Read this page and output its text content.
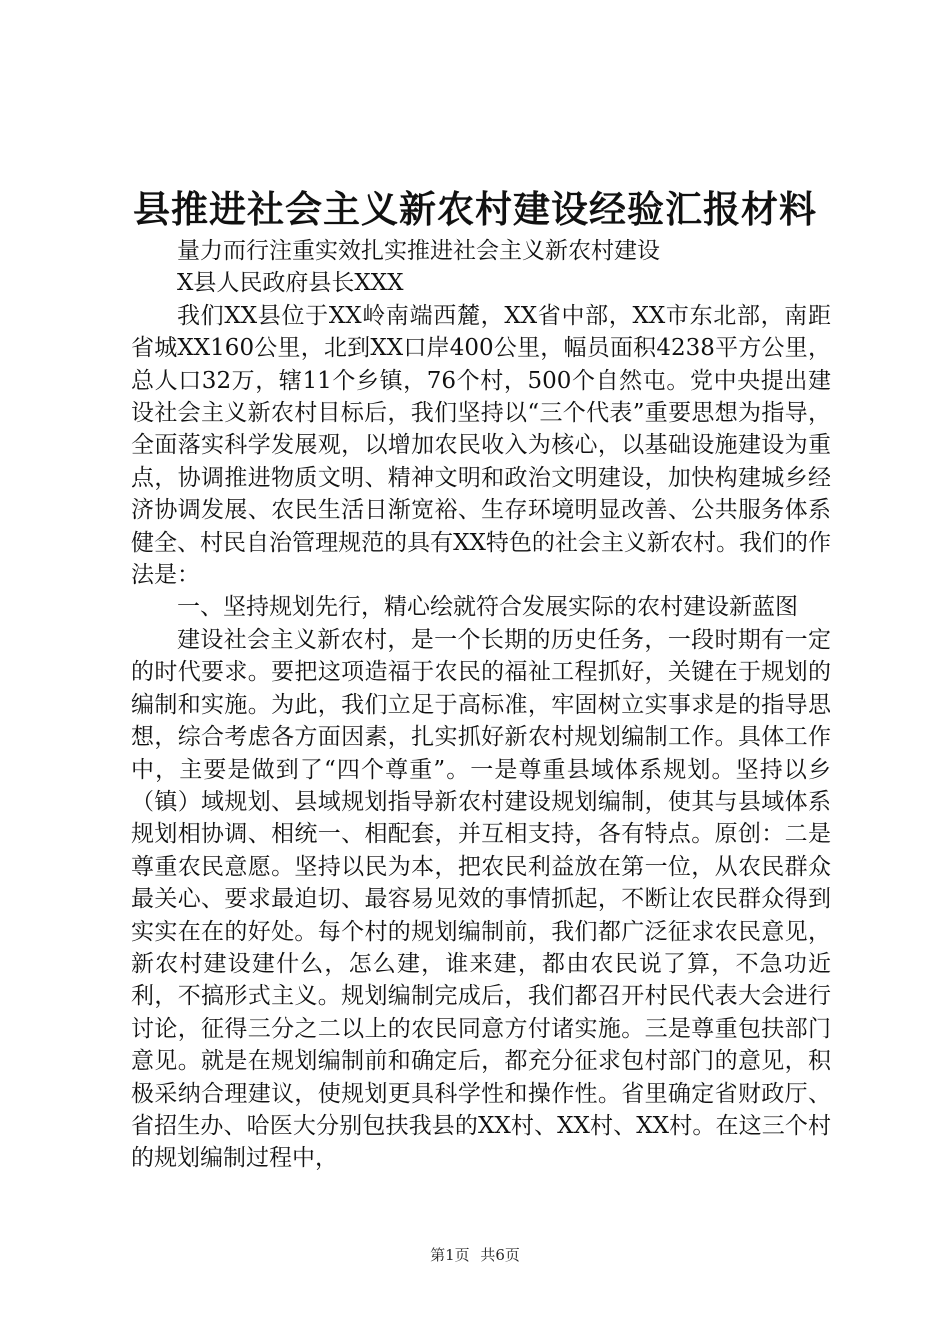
县推进社会主义新农村建设经验汇报材料

量力而行注重实效扎实推进社会主义新农村建设

X县人民政府县长XXX

我们XX县位于XX岭南端西麓，XX省中部，XX市东北部，南距省城XX160公里，北到XX口岸400公里，幅员面积4238平方公里，总人口32万，辖11个乡镇，76个村，500个自然屯。党中央提出建设社会主义新农村目标后，我们坚持以“三个代表”重要思想为指导，全面落实科学发展观，以增加农民收入为核心，以基础设施建设为重点，协调推进物质文明、精神文明和政治文明建设，加快构建城乡经济协调发展、农民生活日渐宽裕、生存环境明显改善、公共服务体系健全、村民自治管理规范的具有XX特色的社会主义新农村。我们的作法是：

一、坚持规划先行，精心绘就符合发展实际的农村建设新蓝图

建设社会主义新农村，是一个长期的历史任务，一段时期有一定的时代要求。要把这项造福于农民的福祉工程抓好，关键在于规划的编制和实施。为此，我们立足于高标准，牢固树立实事求是的指导思想，综合考虑各方面因素，扎实抓好新农村规划编制工作。具体工作中，主要是做到了“四个尊重”。一是尊重县域体系规划。坚持以乡（镇）域规划、县域规划指导新农村建设规划编制，使其与县域体系规划相协调、相统一、相配套，并互相支持，各有特点。原创：二是尊重农民意愿。坚持以民为本，把农民利益放在第一位，从农民群众最关心、要求最迫切、最容易见效的事情抓起，不断让农民群众得到实实在在的好处。每个村的规划编制前，我们都广泛征求农民意见，新农村建设建什么，怎么建，谁来建，都由农民说了算，不急功近利，不搞形式主义。规划编制完成后，我们都召开村民代表大会进行讨论，征得三分之二以上的农民同意方付诸实施。三是尊重包扶部门意见。就是在规划编制前和确定后，都充分征求包村部门的意见，积极采纳合理建议，使规划更具科学性和操作性。省里确定省财政厅、省招生办、哈医大分别包扶我县的XX村、XX村、XX村。在这三个村的规划编制过程中，

第1页 共6页
